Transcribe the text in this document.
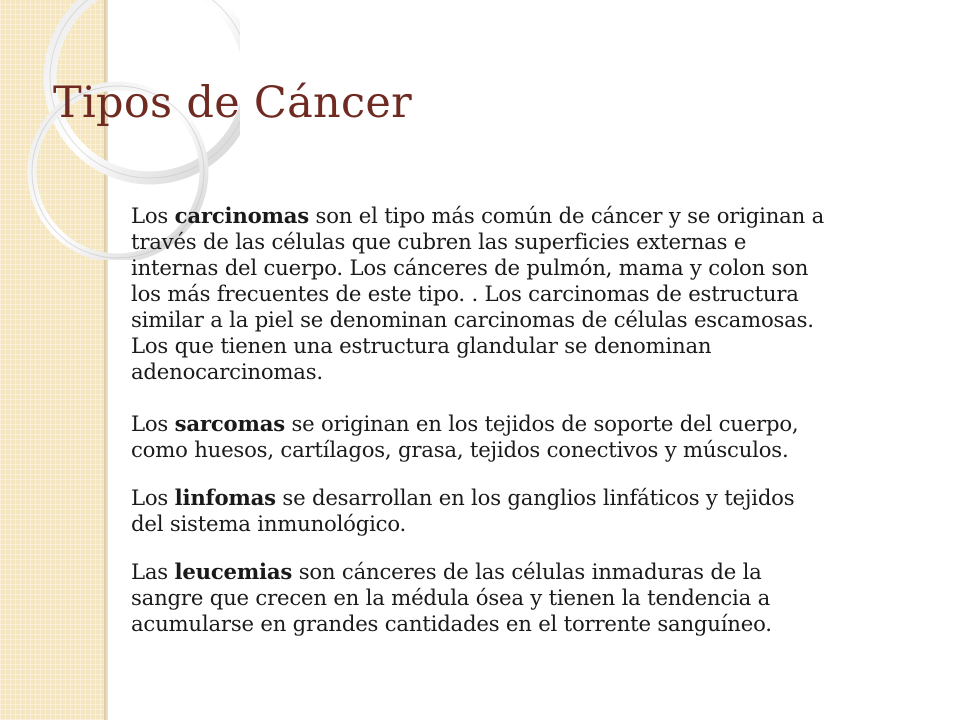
Tipos de Cáncer

Los carcinomas son el tipo más común de cáncer y se originan a
través de las células que cubren las superficies externas e
internas del cuerpo. Los cánceres de pulmón, mama y colon son
los más frecuentes de este tipo. . Los carcinomas de estructura
similar a la piel se denominan carcinomas de células escamosas.
Los que tienen una estructura glandular se denominan
adenocarcinomas.

Los sarcomas se originan en los tejidos de soporte del cuerpo,
como huesos, cartílagos, grasa, tejidos conectivos y músculos.

Los linfomas se desarrollan en los ganglios linfáticos y tejidos
del sistema inmunológico.

Las leucemias son cánceres de las células inmaduras de la
sangre que crecen en la médula ósea y tienen la tendencia a
acumularse en grandes cantidades en el torrente sanguíneo.
